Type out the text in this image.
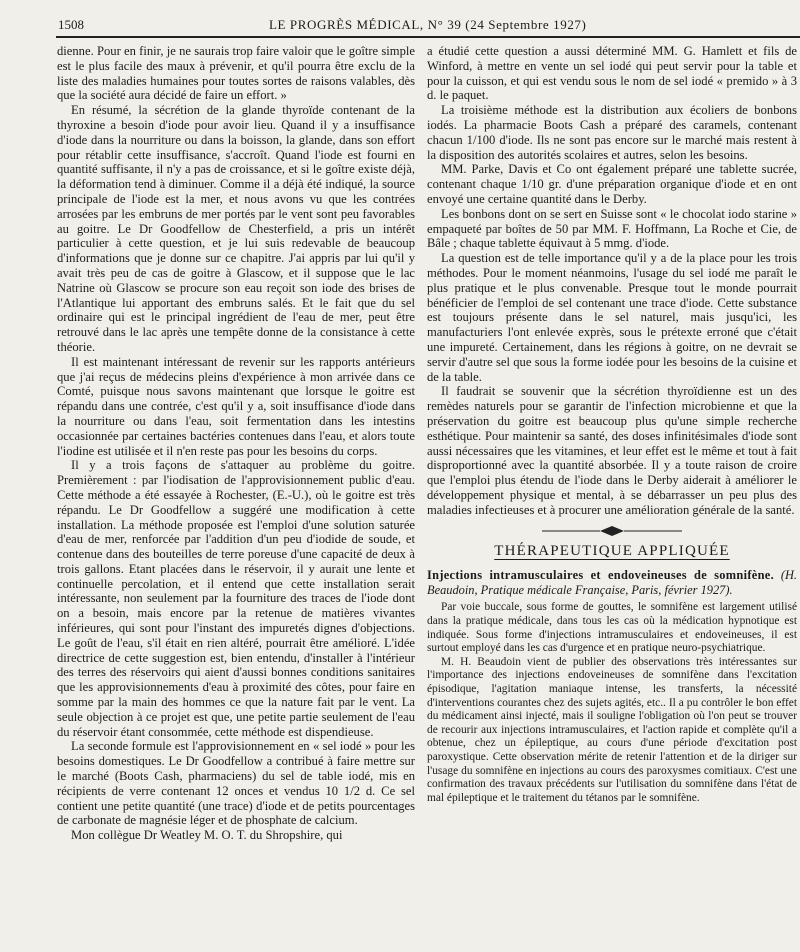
1508	LE PROGRÈS MÉDICAL, N° 39 (24 Septembre 1927)

dienne. Pour en finir, je ne saurais trop faire valoir que le goître simple est le plus facile des maux à prévenir, et qu'il pourra être exclu de la liste des maladies humaines pour toutes sortes de raisons valables, dès que la société aura décidé de faire un effort. »

En résumé, la sécrétion de la glande thyroïde contenant de la thyroxine a besoin d'iode pour avoir lieu. Quand il y a insuffisance d'iode dans la nourriture ou dans la boisson, la glande, dans son effort pour rétablir cette insuffisance, s'accroît. Quand l'iode est fourni en quantité suffisante, il n'y a pas de croissance, et si le goître existe déjà, la déformation tend à diminuer. Comme il a déjà été indiqué, la source principale de l'iode est la mer, et nous avons vu que les contrées arrosées par les embruns de mer portés par le vent sont peu favorables au goitre. Le Dr Goodfellow de Chesterfield, a pris un intérêt particulier à cette question, et je lui suis redevable de beaucoup d'informations que je donne sur ce chapitre. J'ai appris par lui qu'il y avait très peu de cas de goitre à Glascow, et il suppose que le lac Natrine où Glascow se procure son eau reçoit son iode des brises de l'Atlantique lui apportant des embruns salés. Et le fait que du sel ordinaire qui est le principal ingrédient de l'eau de mer, peut être retrouvé dans le lac après une tempête donne de la consistance à cette théorie.

Il est maintenant intéressant de revenir sur les rapports antérieurs que j'ai reçus de médecins pleins d'expérience à mon arrivée dans ce Comté, puisque nous savons maintenant que lorsque le goitre est répandu dans une contrée, c'est qu'il y a, soit insuffisance d'iode dans la nourriture ou dans l'eau, soit fermentation dans les intestins occasionnée par certaines bactéries contenues dans l'eau, et alors toute l'iodine est utilisée et il n'en reste pas pour les besoins du corps.

Il y a trois façons de s'attaquer au problème du goitre. Premièrement : par l'iodisation de l'approvisionnement public d'eau. Cette méthode a été essayée à Rochester, (E.-U.), où le goitre est très répandu. Le Dr Goodfellow a suggéré une modification à cette installation. La méthode proposée est l'emploi d'une solution saturée d'eau de mer, renforcée par l'addition d'un peu d'iodide de soude, et contenue dans des bouteilles de terre poreuse d'une capacité de deux à trois gallons. Etant placées dans le réservoir, il y aurait une lente et continuelle percolation, et il entend que cette installation serait intéressante, non seulement par la fourniture des traces de l'iode dont on a besoin, mais encore par la retenue de matières vivantes inférieures, qui sont pour l'instant des impuretés dignes d'objections. Le goût de l'eau, s'il était en rien altéré, pourrait être amélioré. L'idée directrice de cette suggestion est, bien entendu, d'installer à l'intérieur des terres des réservoirs qui aient d'aussi bonnes conditions sanitaires que les approvisionnements d'eau à proximité des côtes, pour faire en somme par la main des hommes ce que la nature fait par le vent. La seule objection à ce projet est que, une petite partie seulement de l'eau du réservoir étant consommée, cette méthode est dispendieuse.

La seconde formule est l'approvisionnement en « sel iodé » pour les besoins domestiques. Le Dr Goodfellow a contribué à faire mettre sur le marché (Boots Cash, pharmaciens) du sel de table iodé, mis en récipients de verre contenant 12 onces et vendus 10 1/2 d. Ce sel contient une petite quantité (une trace) d'iode et de petits pourcentages de carbonate de magnésie léger et de phosphate de calcium.

Mon collègue Dr Weatley M. O. T. du Shropshire, qui

a étudié cette question a aussi déterminé MM. G. Hamlett et fils de Winford, à mettre en vente un sel iodé qui peut servir pour la table et pour la cuisson, et qui est vendu sous le nom de sel iodé « premido » à 3 d. le paquet.

La troisième méthode est la distribution aux écoliers de bonbons iodés. La pharmacie Boots Cash a préparé des caramels, contenant chacun 1/100 d'iode. Ils ne sont pas encore sur le marché mais restent à la disposition des autorités scolaires et autres, selon les besoins.

MM. Parke, Davis et Co ont également préparé une tablette sucrée, contenant chaque 1/10 gr. d'une préparation organique d'iode et en ont envoyé une certaine quantité dans le Derby.

Les bonbons dont on se sert en Suisse sont « le chocolat iodo starine » empaqueté par boîtes de 50 par MM. F. Hoffmann, La Roche et Cie, de Bâle ; chaque tablette équivaut à 5 mmg. d'iode.

La question est de telle importance qu'il y a de la place pour les trois méthodes. Pour le moment néanmoins, l'usage du sel iodé me paraît le plus pratique et le plus convenable. Presque tout le monde pourrait bénéficier de l'emploi de sel contenant une trace d'iode. Cette substance est toujours présente dans le sel naturel, mais jusqu'ici, les manufacturiers l'ont enlevée exprès, sous le prétexte erroné que c'était une impureté. Certainement, dans les régions à goitre, on ne devrait se servir d'autre sel que sous la forme iodée pour les besoins de la cuisine et de la table.

Il faudrait se souvenir que la sécrétion thyroïdienne est un des remèdes naturels pour se garantir de l'infection microbienne et que la préservation du goitre est beaucoup plus qu'une simple recherche esthétique. Pour maintenir sa santé, des doses infinitésimales d'iode sont aussi nécessaires que les vitamines, et leur effet est le même et tout à fait disproportionné avec la quantité absorbée. Il y a toute raison de croire que l'emploi plus étendu de l'iode dans le Derby aiderait à améliorer le développement physique et mental, à se débarrasser un peu plus des maladies infectieuses et à procurer une amélioration générale de la santé.

THÉRAPEUTIQUE APPLIQUÉE

Injections intramusculaires et endoveineuses de somnifène. (H. Beaudoin, Pratique médicale Française, Paris, février 1927).

Par voie buccale, sous forme de gouttes, le somnifène est largement utilisé dans la pratique médicale, dans tous les cas où la médication hypnotique est indiquée. Sous forme d'injections intramusculaires et endoveineuses, il est surtout employé dans les cas d'urgence et en pratique neuro-psychiatrique.

M. H. Beaudoin vient de publier des observations très intéressantes sur l'importance des injections endoveineuses de somnifène dans l'excitation épisodique, l'agitation maniaque intense, les transferts, la nécessité d'interventions courantes chez des sujets agités, etc.. Il a pu contrôler le bon effet du médicament ainsi injecté, mais il souligne l'obligation où l'on peut se trouver de recourir aux injections intramusculaires, et l'action rapide et complète qu'il a obtenue, chez un épileptique, au cours d'une période d'excitation post paroxystique. Cette observation mérite de retenir l'attention et de la diriger sur l'usage du somnifène en injections au cours des paroxysmes comitiaux. C'est une confirmation des travaux précédents sur l'utilisation du somnifène dans l'état de mal épileptique et le traitement du tétanos par le somnifène.
